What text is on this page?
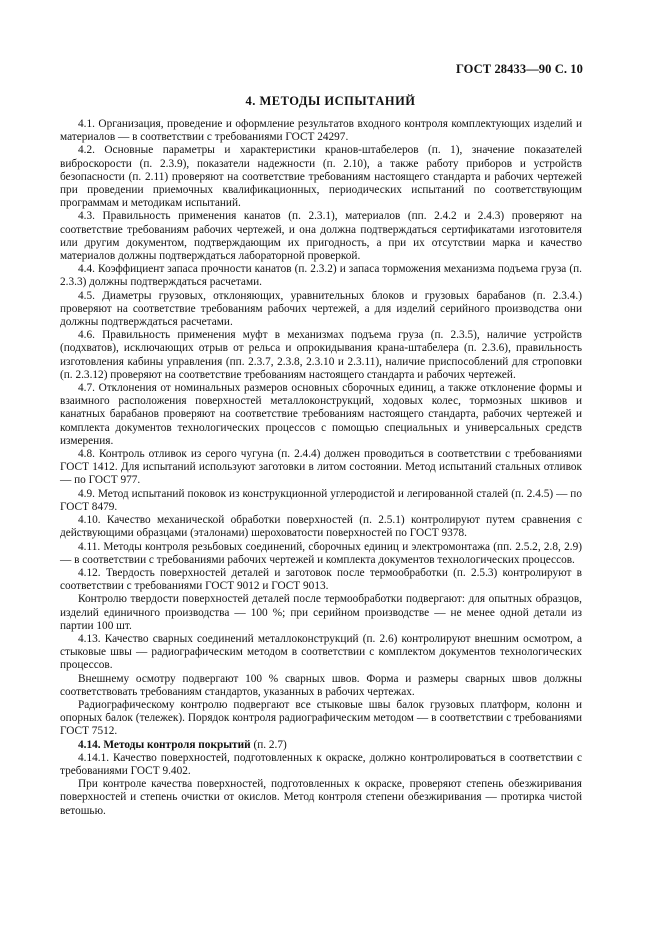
ГОСТ 28433—90 С. 10
4. МЕТОДЫ ИСПЫТАНИЙ

4.1. Организация, проведение и оформление результатов входного контроля комплектующих изделий и материалов — в соответствии с требованиями ГОСТ 24297.

4.2. Основные параметры и характеристики кранов-штабелеров (п. 1), значение показателей виброскорости (п. 2.3.9), показатели надежности (п. 2.10), а также работу приборов и устройств безопасности (п. 2.11) проверяют на соответствие требованиям настоящего стандарта и рабочих чертежей при проведении приемочных квалификационных, периодических испытаний по соответствующим программам и методикам испытаний.

4.3. Правильность применения канатов (п. 2.3.1), материалов (пп. 2.4.2 и 2.4.3) проверяют на соответствие требованиям рабочих чертежей, и она должна подтверждаться сертификатами изготовителя или другим документом, подтверждающим их пригодность, а при их отсутствии марка и качество материалов должны подтверждаться лабораторной проверкой.

4.4. Коэффициент запаса прочности канатов (п. 2.3.2) и запаса торможения механизма подъема груза (п. 2.3.3) должны подтверждаться расчетами.

4.5. Диаметры грузовых, отклоняющих, уравнительных блоков и грузовых барабанов (п. 2.3.4.) проверяют на соответствие требованиям рабочих чертежей, а для изделий серийного производства они должны подтверждаться расчетами.

4.6. Правильность применения муфт в механизмах подъема груза (п. 2.3.5), наличие устройств (подхватов), исключающих отрыв от рельса и опрокидывания крана-штабелера (п. 2.3.6), правильность изготовления кабины управления (пп. 2.3.7, 2.3.8, 2.3.10 и 2.3.11), наличие приспособлений для строповки (п. 2.3.12) проверяют на соответствие требованиям настоящего стандарта и рабочих чертежей.

4.7. Отклонения от номинальных размеров основных сборочных единиц, а также отклонение формы и взаимного расположения поверхностей металлоконструкций, ходовых колес, тормозных шкивов и канатных барабанов проверяют на соответствие требованиям настоящего стандарта, рабочих чертежей и комплекта документов технологических процессов с помощью специальных и универсальных средств измерения.

4.8. Контроль отливок из серого чугуна (п. 2.4.4) должен проводиться в соответствии с требованиями ГОСТ 1412. Для испытаний используют заготовки в литом состоянии. Метод испытаний стальных отливок — по ГОСТ 977.

4.9. Метод испытаний поковок из конструкционной углеродистой и легированной сталей (п. 2.4.5) — по ГОСТ 8479.

4.10. Качество механической обработки поверхностей (п. 2.5.1) контролируют путем сравнения с действующими образцами (эталонами) шероховатости поверхностей по ГОСТ 9378.

4.11. Методы контроля резьбовых соединений, сборочных единиц и электромонтажа (пп. 2.5.2, 2.8, 2.9) — в соответствии с требованиями рабочих чертежей и комплекта документов технологических процессов.

4.12. Твердость поверхностей деталей и заготовок после термообработки (п. 2.5.3) контролируют в соответствии с требованиями ГОСТ 9012 и ГОСТ 9013.

Контролю твердости поверхностей деталей после термообработки подвергают: для опытных образцов, изделий единичного производства — 100 %; при серийном производстве — не менее одной детали из партии 100 шт.

4.13. Качество сварных соединений металлоконструкций (п. 2.6) контролируют внешним осмотром, а стыковые швы — радиографическим методом в соответствии с комплектом документов технологических процессов.

Внешнему осмотру подвергают 100 % сварных швов. Форма и размеры сварных швов должны соответствовать требованиям стандартов, указанных в рабочих чертежах.

Радиографическому контролю подвергают все стыковые швы балок грузовых платформ, колонн и опорных балок (тележек). Порядок контроля радиографическим методом — в соответствии с требованиями ГОСТ 7512.

4.14. Методы контроля покрытий (п. 2.7)

4.14.1. Качество поверхностей, подготовленных к окраске, должно контролироваться в соответствии с требованиями ГОСТ 9.402.

При контроле качества поверхностей, подготовленных к окраске, проверяют степень обезжиривания поверхностей и степень очистки от окислов. Метод контроля степени обезжиривания — протирка чистой ветошью.
